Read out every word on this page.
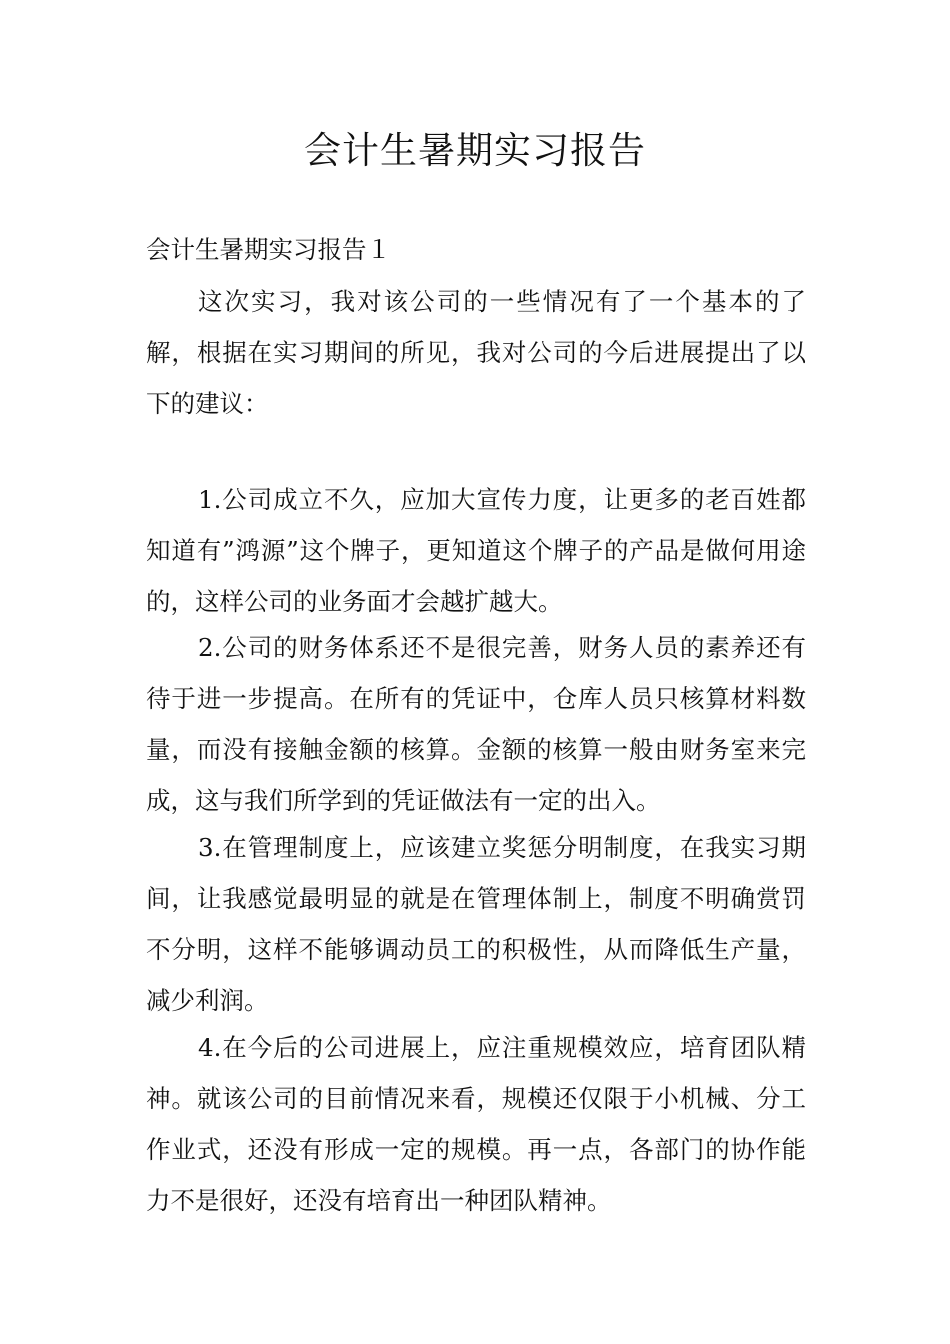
会计生暑期实习报告

会计生暑期实习报告１

这次实习，我对该公司的一些情况有了一个基本的了解，根据在实习期间的所见，我对公司的今后进展提出了以下的建议：

1.公司成立不久，应加大宣传力度，让更多的老百姓都知道有”鸿源”这个牌子，更知道这个牌子的产品是做何用途的，这样公司的业务面才会越扩越大。

2.公司的财务体系还不是很完善，财务人员的素养还有待于进一步提高。在所有的凭证中，仓库人员只核算材料数量，而没有接触金额的核算。金额的核算一般由财务室来完成，这与我们所学到的凭证做法有一定的出入。

3.在管理制度上，应该建立奖惩分明制度，在我实习期间，让我感觉最明显的就是在管理体制上，制度不明确赏罚不分明，这样不能够调动员工的积极性，从而降低生产量，减少利润。

4.在今后的公司进展上，应注重规模效应，培育团队精神。就该公司的目前情况来看，规模还仅限于小机械、分工作业式，还没有形成一定的规模。再一点，各部门的协作能力不是很好，还没有培育出一种团队精神。
